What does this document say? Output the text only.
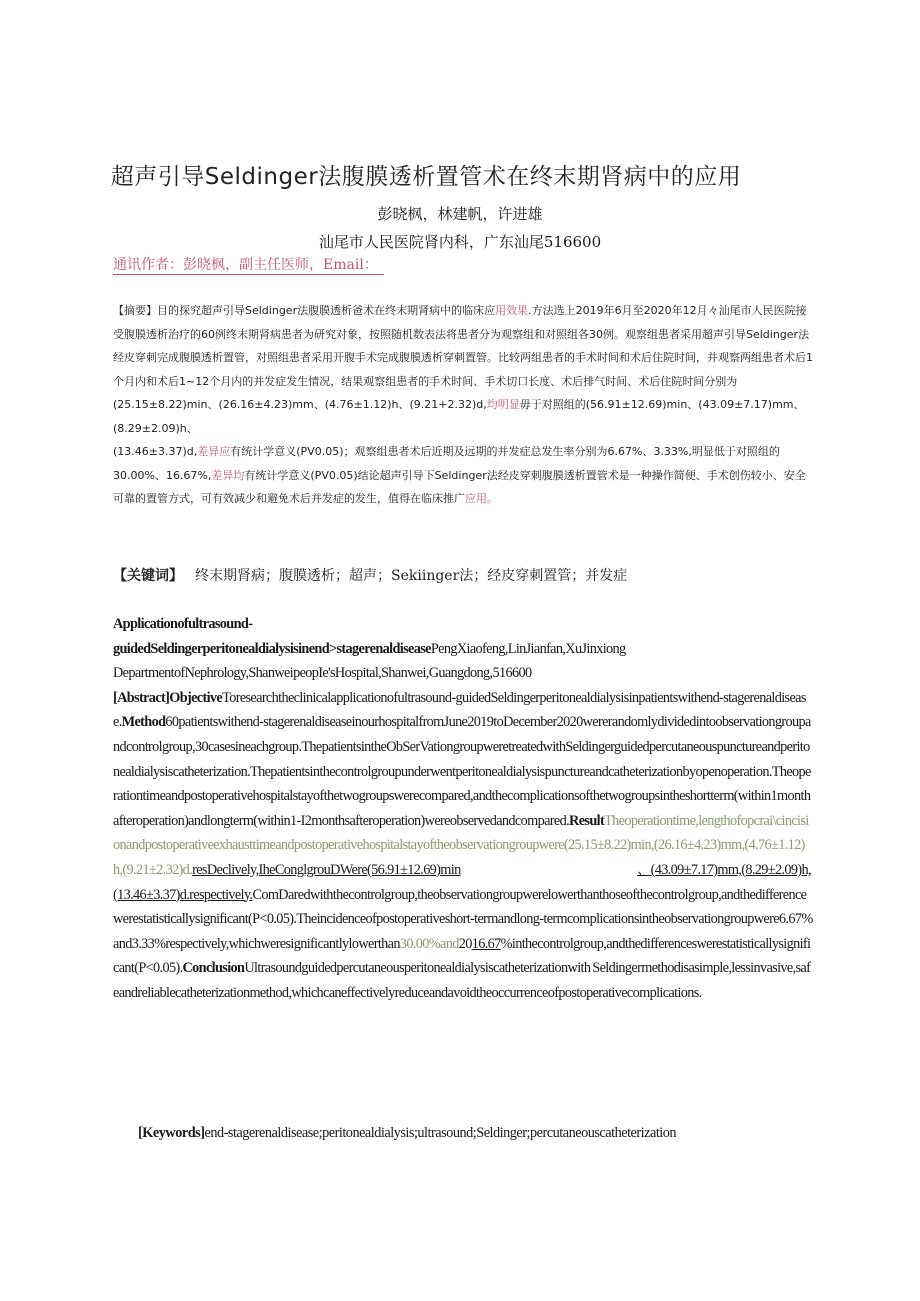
超声引导Seldinger法腹膜透析置管术在终末期肾病中的应用
彭晓枫，林建帆，许进雄
汕尾市人民医院肾内科，广东汕尾516600
通讯作者：彭晓枫，副主任医师，Email：
【摘要】目的探究超声引导Seldinger法腹膜透析爸术在终末期肾病中的临床应用效果.方法选上2019年6月至2020年12月々汕尾市人民医院接受腹膜透析治疗的60例终末期肾病患者为研究对象，按照随机数表法将患者分为观察组和对照组各30例。观察组患者采用超声引导Seldinger法经皮穿刺完成腹膜透析置管，对照组患者采用开腹手术完成腹膜透析穿刺置管。比较两组患者的手术时间和术后住院时间，并观察两组患者术后1个月内和术后1~12个月内的并发症发生情况，结果观察组患者的手术时间、手术切口长度、术后排气时间、术后住院时间分别为(25.15±8.22)min、(26.16±4.23)mm、(4.76±1.12)h、(9.21+2.32)d,均明显毋于对照组的(56.91±12.69)min、(43.09±7.17)mm、(8.29±2.09)h、
(13.46±3.37)d,差异应有统计学意义(PV0.05)；观察组患者术后近期及远期的并发症总发生率分别为6.67%、3.33%,明显低于对照组的30.00%、16.67%,差异均有统计学意义(PV0.05)结论超声引导下Seldinger法经皮穿刺腹膜透析置管术是一种操作简便、手术创伤较小、安全可靠的置管方式，可有效减少和避免术后并发症的发生，值得在临床推广应用。
【关键词】 终末期肾病；腹膜透析；超声；Sekiinger法；经皮穿刺置管；并发症
Applicationofultrasound-
guidedSeldingerperitonealdialysisinend>stagerenaldiseasePengXiaofeng,LinJianfan,XuJinxiong
DepartmentofNephrology,ShanweipeopIe'sHospital,Shanwei,Guangdong,516600
[Abstract]ObjectiveToresearchtheclinicalapplicationofultrasound-guidedSeldingerperitonealdialysisinpatientswithend-stagerenaldisease.Method60patientswithend-stagerenaldiseaseinourhospitalfromJune2019toDecember2020wererandomlydividedintoobservationgroupandcontrolgroup,30casesineachgroup.ThepatientsintheObSerVationgroupweretreatedwithSeldingerguidedpercutaneouspunctureandperitonealdialysiscatheterization.Thepatientsinthecontrolgroupunderwentperitonealdialysispunctureandcatheterizationbyopenoperation.Theoperationtimeandpostoperativehospitalstayofthetwogroupswerecompared,andthecomplicationsofthetwogroupsintheshortterm(within1monthafteroperation)andlongterm(within1-I2monthsafteroperation)wereobservedandcompared.ResultTheoperationtime,lengthofopcrai\cincisionandpostoperativeexhausttimeandpostoperativehospitalstayoftheobservationgroupwere(25.15±8.22)min,(26.16±4.23)mm,(4.76±1.12)h,(9.21±2.32)d.resDeclively,IheConglgrouDWere(56.91±12.69)min	、(43.09±7.17)mm,(8.29±2.09)h,(13.46±3.37)d.respectively.ComDaredwiththecontrolgroup,theobservationgroupwerelowerthanthoseofthecontrolgroup,andthedifferencewerestatisticallysignificant(P<0.05).Theincidenceofpostoperativeshort-termandlong-termcomplicationsintheobservationgroupwere6.67%and3.33%respectively,whichweresignificantlylowerthan30.00%and2016.67%inthecontrolgroup,andthedifferenceswerestatisticallysignificant(P<0.05).ConclusionUltrasoundguidedpercutaneousperitonealdialysiscatheterizationwith Seldingermethodisasimple,lessinvasive,safeandreliablecatheterizationmethod,whichcaneffectivelyreduceandavoidtheoccurrenceofpostoperativecomplications.
[Keywords]end-stagerenaldisease;peritonealdialysis;ultrasound;Seldinger;percutaneouscatheterization
